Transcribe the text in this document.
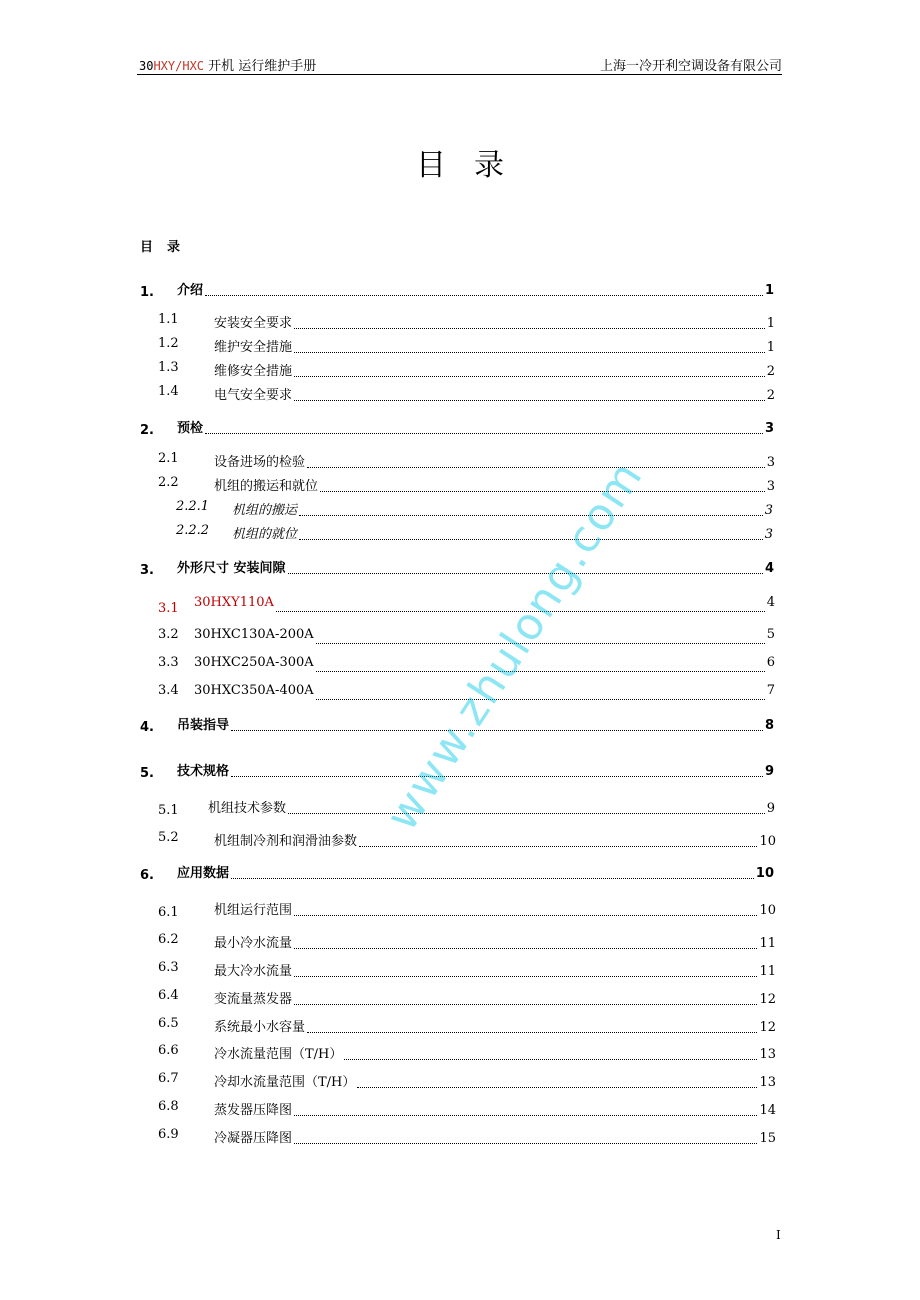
30HXY/HXC 开机 运行维护手册	上海一冷开利空调设备有限公司
目录
目录
1. 介绍	1
1.1	安装安全要求	1
1.2	维护安全措施	1
1.3	维修安全措施	2
1.4	电气安全要求	2
2. 预检	3
2.1	设备进场的检验	3
2.2	机组的搬运和就位	3
2.2.1 机组的搬运	3
2.2.2 机组的就位	3
3. 外形尺寸 安装间隙	4
3.1 30HXY110A	4
3.2 30HXC130A-200A	5
3.3 30HXC250A-300A	6
3.4 30HXC350A-400A	7
4. 吊装指导	8
5. 技术规格	9
5.1 机组技术参数	9
5.2	机组制冷剂和润滑油参数	10
6. 应用数据	10
6.1	机组运行范围	10
6.2	最小冷水流量	11
6.3	最大冷水流量	11
6.4	变流量蒸发器	12
6.5	系统最小水容量	12
6.6	冷水流量范围（T/H）	13
6.7	冷却水流量范围（T/H）	13
6.8	蒸发器压降图	14
6.9	冷凝器压降图	15
www.zhulong.com
I
